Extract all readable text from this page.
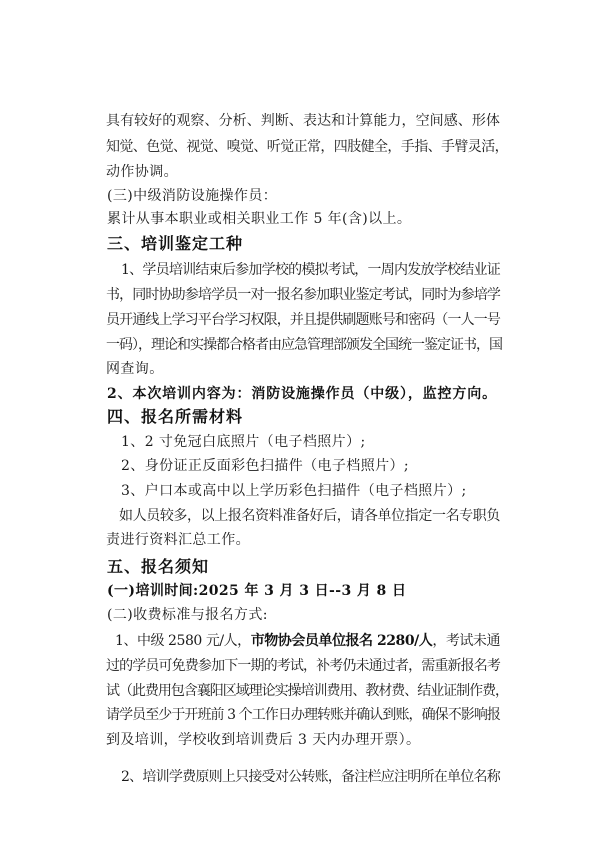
具有较好的观察、分析、判断、表达和计算能力，空间感、形体
知觉、色觉、视觉、嗅觉、听觉正常，四肢健全，手指、手臂灵活，
动作协调。
(三)中级消防设施操作员：
累计从事本职业或相关职业工作 5 年(含)以上。
三、培训鉴定工种
1、学员培训结束后参加学校的模拟考试，一周内发放学校结业证
书，同时协助参培学员一对一报名参加职业鉴定考试，同时为参培学
员开通线上学习平台学习权限，并且提供刷题账号和密码（一人一号
一码），理论和实操都合格者由应急管理部颁发全国统一鉴定证书，国
网查询。
2、本次培训内容为：消防设施操作员（中级），监控方向。
四、报名所需材料
1、2 寸免冠白底照片（电子档照片）;
2、身份证正反面彩色扫描件（电子档照片）;
3、户口本或高中以上学历彩色扫描件（电子档照片）;
如人员较多，以上报名资料准备好后，请各单位指定一名专职负
责进行资料汇总工作。
五、报名须知
(一)培训时间:2025 年 3 月 3 日--3 月 8 日
(二)收费标准与报名方式:
1、中级 2580 元/人，市物协会员单位报名 2280/人，考试未通
过的学员可免费参加下一期的考试，补考仍未通过者，需重新报名考
试（此费用包含襄阳区域理论实操培训费用、教材费、结业证制作费，
请学员至少于开班前 3 个工作日办理转账并确认到账，确保不影响报
到及培训，学校收到培训费后 3 天内办理开票）。
2、培训学费原则上只接受对公转账，备注栏应注明所在单位名称
